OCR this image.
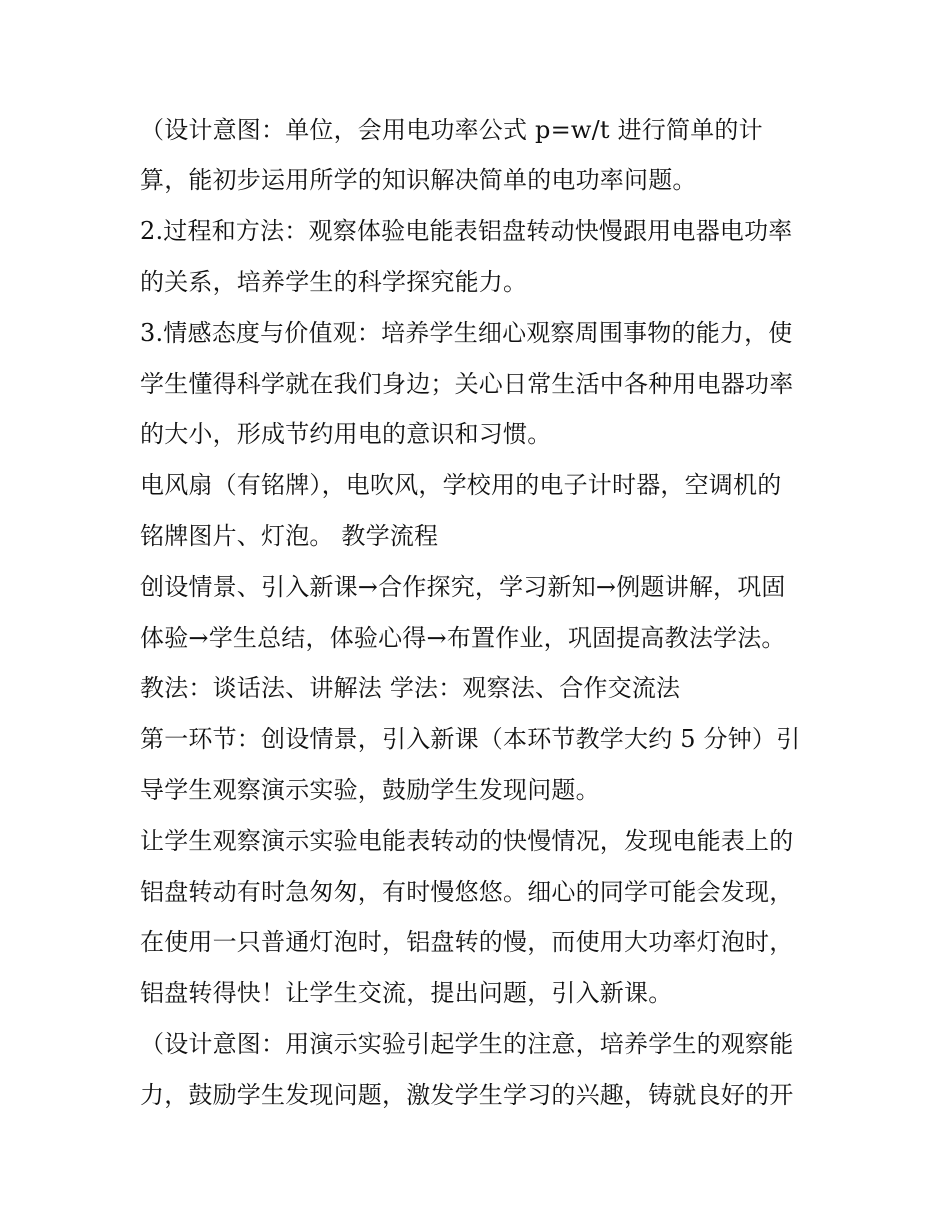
（设计意图：单位，会用电功率公式 p=w/t 进行简单的计
算，能初步运用所学的知识解决简单的电功率问题。
2.过程和方法：观察体验电能表铝盘转动快慢跟用电器电功率
的关系，培养学生的科学探究能力。
3.情感态度与价值观：培养学生细心观察周围事物的能力，使
学生懂得科学就在我们身边；关心日常生活中各种用电器功率
的大小，形成节约用电的意识和习惯。
电风扇（有铭牌），电吹风，学校用的电子计时器，空调机的
铭牌图片、灯泡。 教学流程
创设情景、引入新课→合作探究，学习新知→例题讲解，巩固
体验→学生总结，体验心得→布置作业，巩固提高教法学法。
教法：谈话法、讲解法 学法：观察法、合作交流法
第一环节：创设情景，引入新课（本环节教学大约 5 分钟）引
导学生观察演示实验，鼓励学生发现问题。
让学生观察演示实验电能表转动的快慢情况，发现电能表上的
铝盘转动有时急匆匆，有时慢悠悠。细心的同学可能会发现，
在使用一只普通灯泡时，铝盘转的慢，而使用大功率灯泡时，
铝盘转得快！让学生交流，提出问题，引入新课。
（设计意图：用演示实验引起学生的注意，培养学生的观察能
力，鼓励学生发现问题，激发学生学习的兴趣，铸就良好的开
